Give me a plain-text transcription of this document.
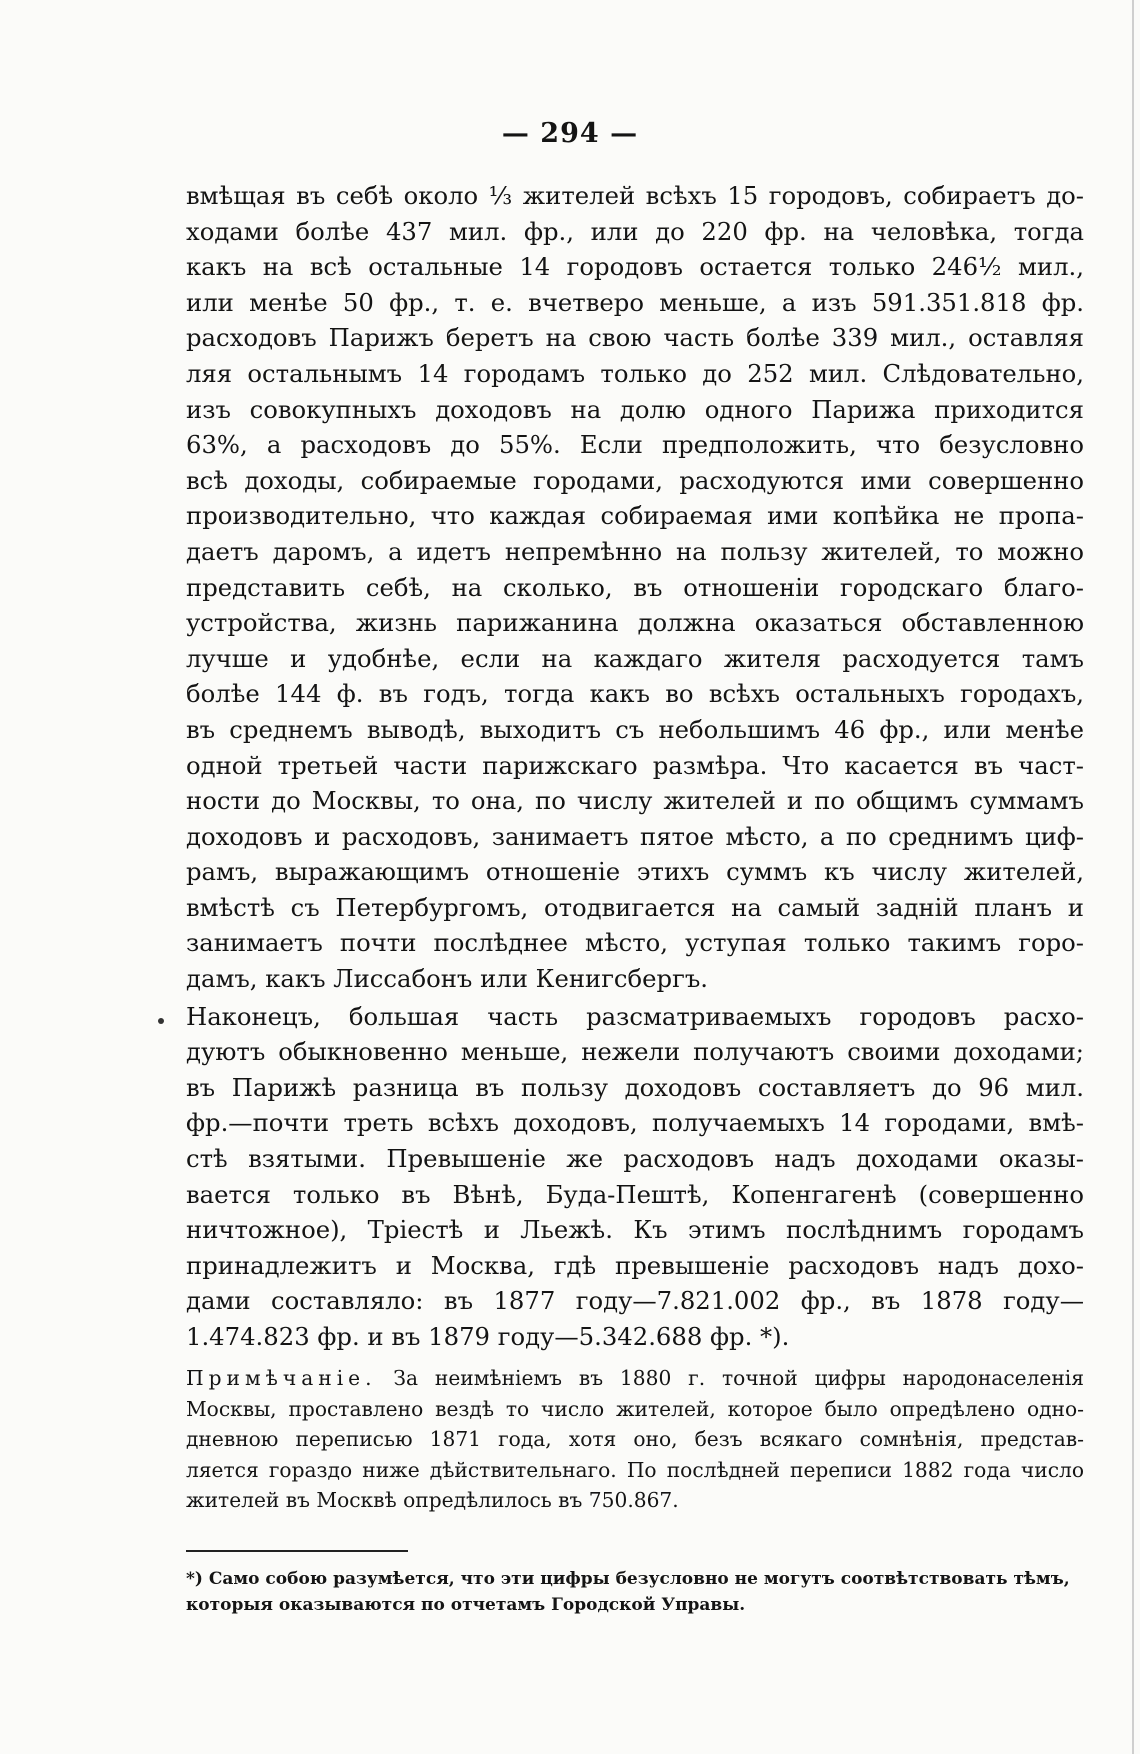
— 294 —

вмѣщая въ себѣ около ⅓ жителей всѣхъ 15 городовъ, собираетъ до-
ходами болѣе 437 мил. фр., или до 220 фр. на человѣка, тогда
какъ на всѣ остальные 14 городовъ остается только 246½ мил.,
или менѣе 50 фр., т. е. вчетверо меньше, а изъ 591.351.818 фр.
расходовъ Парижъ беретъ на свою часть болѣе 339 мил., оставляя
ляя остальнымъ 14 городамъ только до 252 мил. Слѣдовательно,
изъ совокупныхъ доходовъ на долю одного Парижа приходится
63%, а расходовъ до 55%. Если предположить, что безусловно
всѣ доходы, собираемые городами, расходуются ими совершенно
производительно, что каждая собираемая ими копѣйка не пропа-
даетъ даромъ, а идетъ непремѣнно на пользу жителей, то можно
представить себѣ, на сколько, въ отношеніи городскаго благо-
устройства, жизнь парижанина должна оказаться обставленною
лучше и удобнѣе, если на каждаго жителя расходуется тамъ
болѣе 144 ф. въ годъ, тогда какъ во всѣхъ остальныхъ городахъ,
въ среднемъ выводѣ, выходитъ съ небольшимъ 46 фр., или менѣе
одной третьей части парижскаго размѣра. Что касается въ част-
ности до Москвы, то она, по числу жителей и по общимъ суммамъ
доходовъ и расходовъ, занимаетъ пятое мѣсто, а по среднимъ циф-
рамъ, выражающимъ отношеніе этихъ суммъ къ числу жителей,
вмѣстѣ съ Петербургомъ, отодвигается на самый задній планъ и
занимаетъ почти послѣднее мѣсто, уступая только такимъ горо-
дамъ, какъ Лиссабонъ или Кенигсбергъ.

Наконецъ, большая часть разсматриваемыхъ городовъ расхо-
дуютъ обыкновенно меньше, нежели получаютъ своими доходами;
въ Парижѣ разница въ пользу доходовъ составляетъ до 96 мил.
фр.—почти треть всѣхъ доходовъ, получаемыхъ 14 городами, вмѣ-
стѣ взятыми. Превышеніе же расходовъ надъ доходами оказы-
вается только въ Вѣнѣ, Буда-Пештѣ, Копенгагенѣ (совершенно
ничтожное), Тріестѣ и Льежѣ. Къ этимъ послѣднимъ городамъ
принадлежитъ и Москва, гдѣ превышеніе расходовъ надъ дохо-
дами составляло: въ 1877 году—7.821.002 фр., въ 1878 году—
1.474.823 фр. и въ 1879 году—5.342.688 фр. *).

Примѣчаніе. За неимѣніемъ въ 1880 г. точной цифры народонаселенія
Москвы, проставлено вездѣ то число жителей, которое было опредѣлено одно-
дневною переписью 1871 года, хотя оно, безъ всякаго сомнѣнія, представ-
ляется гораздо ниже дѣйствительнаго. По послѣдней переписи 1882 года число
жителей въ Москвѣ опредѣлилось въ 750.867.
*) Само собою разумѣется, что эти цифры безусловно не могутъ соотвѣтствовать тѣмъ,
которыя оказываются по отчетамъ Городской Управы.
